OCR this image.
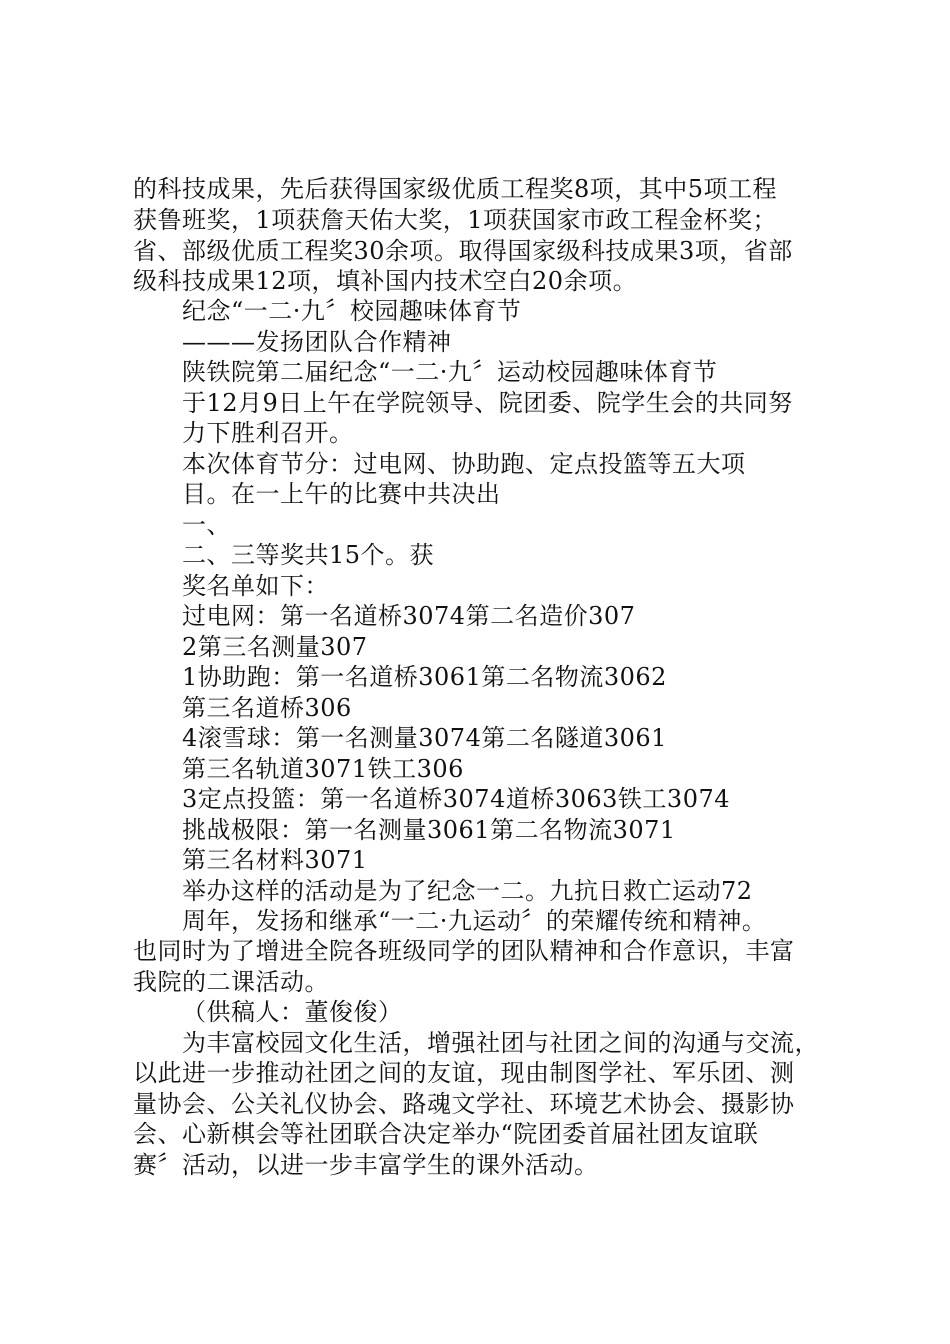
的科技成果，先后获得国家级优质工程奖8项，其中5项工程
获鲁班奖，1项获詹天佑大奖，1项获国家市政工程金杯奖；
省、部级优质工程奖30余项。取得国家级科技成果3项，省部
级科技成果12项，填补国内技术空白20余项。
纪念“一二·九〞校园趣味体育节
———发扬团队合作精神
陕铁院第二届纪念“一二·九〞运动校园趣味体育节
于12月9日上午在学院领导、院团委、院学生会的共同努
力下胜利召开。
本次体育节分：过电网、协助跑、定点投篮等五大项
目。在一上午的比赛中共决出
一、
二、三等奖共15个。获
奖名单如下：
过电网：第一名道桥3074第二名造价307
2第三名测量307
1协助跑：第一名道桥3061第二名物流3062
第三名道桥306
4滚雪球：第一名测量3074第二名隧道3061
第三名轨道3071铁工306
3定点投篮：第一名道桥3074道桥3063铁工3074
挑战极限：第一名测量3061第二名物流3071
第三名材料3071
举办这样的活动是为了纪念一二。九抗日救亡运动72
周年，发扬和继承“一二·九运动〞的荣耀传统和精神。
也同时为了增进全院各班级同学的团队精神和合作意识，丰富
我院的二课活动。
（供稿人：董俊俊）
为丰富校园文化生活，增强社团与社团之间的沟通与交流，
以此进一步推动社团之间的友谊，现由制图学社、军乐团、测
量协会、公关礼仪协会、路魂文学社、环境艺术协会、摄影协
会、心新棋会等社团联合决定举办“院团委首届社团友谊联
赛〞活动，以进一步丰富学生的课外活动。
